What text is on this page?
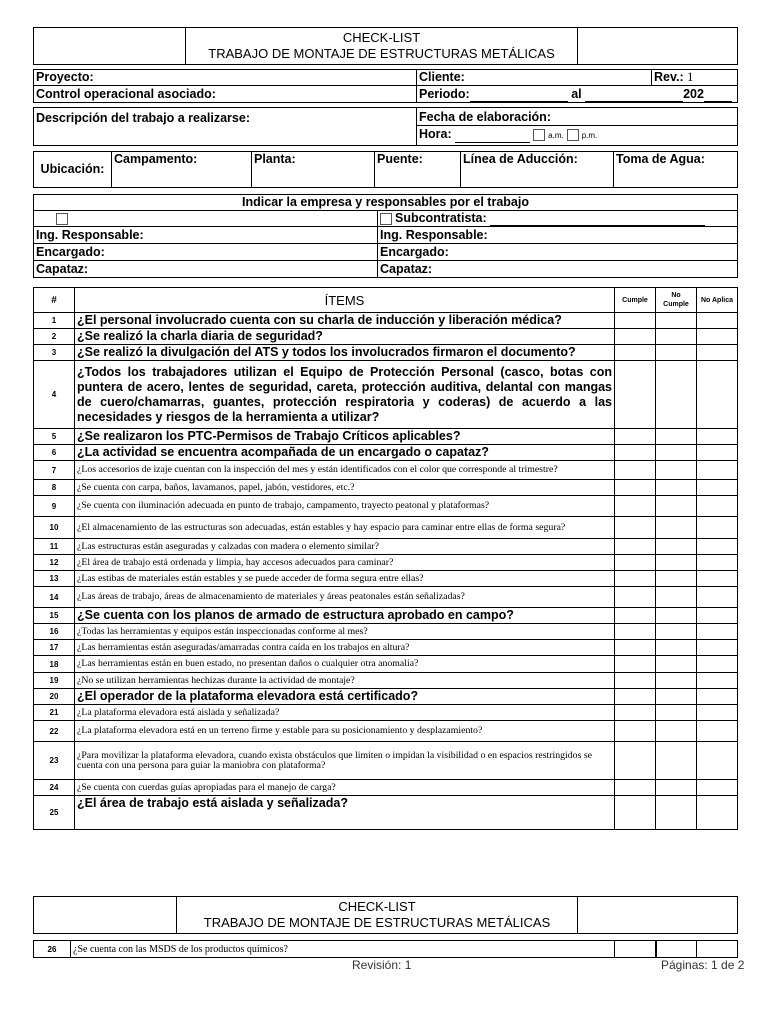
CHECK-LIST
TRABAJO DE MONTAJE DE ESTRUCTURAS METÁLICAS

Proyecto:	Cliente:	Rev.: 1
Control operacional asociado:	Periodo: al 202	
Descripción del trabajo a realizarse:	Fecha de elaboración:
Hora:	a.m. p.m.
Ubicación:	Campamento:	Planta:	Puente:	Línea de Aducción:	Toma de Agua:
Indicar la empresa y responsables por el trabajo	
	Subcontratista:
Ing. Responsable:	Ing. Responsable:
Encargado:	Encargado:
Capataz:	Capataz:
#	ÍTEMS	Cumple	No Cumple	No Aplica
1	¿El personal involucrado cuenta con su charla de inducción y liberación médica?			
2	¿Se realizó la charla diaria de seguridad?			
3	¿Se realizó la divulgación del ATS y todos los involucrados firmaron el documento?			
4	¿Todos los trabajadores utilizan el Equipo de Protección Personal (casco, botas con puntera de acero, lentes de seguridad, careta, protección auditiva, delantal con mangas de cuero/chamarras, guantes, protección respiratoria y coderas) de acuerdo a las necesidades y riesgos de la herramienta a utilizar?			
5	¿Se realizaron los PTC-Permisos de Trabajo Críticos aplicables?			
6	¿La actividad se encuentra acompañada de un encargado o capataz?			
7	¿Los accesorios de izaje cuentan con la inspección del mes y están identificados con el color que corresponde al trimestre?			
8	¿Se cuenta con carpa, baños, lavamanos, papel, jabón, vestidores, etc.?			
9	¿Se cuenta con iluminación adecuada en punto de trabajo, campamento, trayecto peatonal y plataformas?			
10	¿El almacenamiento de las estructuras son adecuadas, están estables y hay espacio para caminar entre ellas de forma segura?			
11	¿Las estructuras están aseguradas y calzadas con madera o elemento similar?			
12	¿El área de trabajo está ordenada y limpia, hay accesos adecuados para caminar?			
13	¿Las estibas de materiales están estables y se puede acceder de forma segura entre ellas?			
14	¿Las áreas de trabajo, áreas de almacenamiento de materiales y áreas peatonales están señalizadas?			
15	¿Se cuenta con los planos de armado de estructura aprobado en campo?			
16	¿Todas las herramientas y equipos están inspeccionadas conforme al mes?			
17	¿Las herramientas están aseguradas/amarradas contra caída en los trabajos en altura?			
18	¿Las herramientas están en buen estado, no presentan daños o cualquier otra anomalía?			
19	¿No se utilizan herramientas hechizas durante la actividad de montaje?			
20	¿El operador de la plataforma elevadora está certificado?			
21	¿La plataforma elevadora está aislada y señalizada?			
22	¿La plataforma elevadora está en un terreno firme y estable para su posicionamiento y desplazamiento?			
23	¿Para movilizar la plataforma elevadora, cuando exista obstáculos que limiten o impidan la visibilidad o en espacios restringidos se cuenta con una persona para guiar la maniobra con plataforma?			
24	¿Se cuenta con cuerdas guías apropiadas para el manejo de carga?			
25	¿El área de trabajo está aislada y señalizada?			

CHECK-LIST
TRABAJO DE MONTAJE DE ESTRUCTURAS METÁLICAS

26	¿Se cuenta con las MSDS de los productos químicos?			
Revisión: 1	Páginas: 1 de 2
